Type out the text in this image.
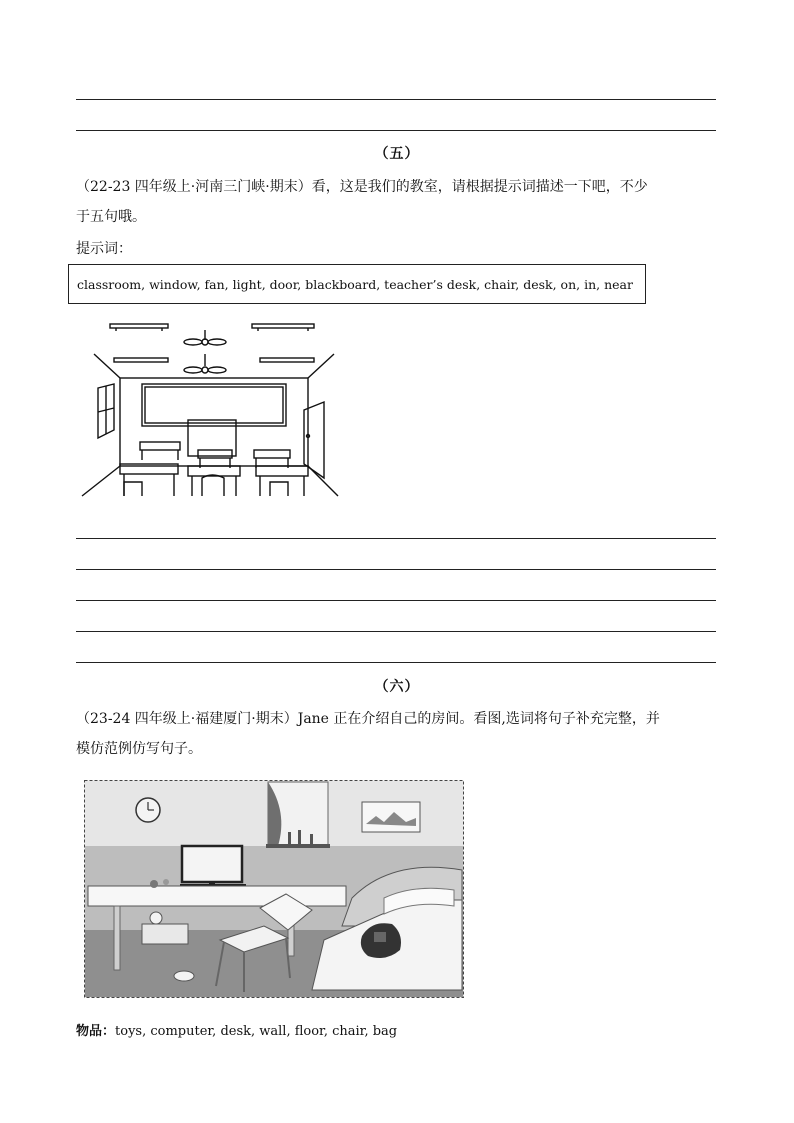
（五）
（22-23 四年级上·河南三门峡·期末）看，这是我们的教室，请根据提示词描述一下吧，不少
于五句哦。
提示词：
classroom, window, fan, light, door, blackboard, teacher’s desk, chair, desk, on, in, near
（六）
（23-24 四年级上·福建厦门·期末）Jane 正在介绍自己的房间。看图,选词将句子补充完整，并
模仿范例仿写句子。
物品：toys, computer, desk, wall, floor, chair, bag
